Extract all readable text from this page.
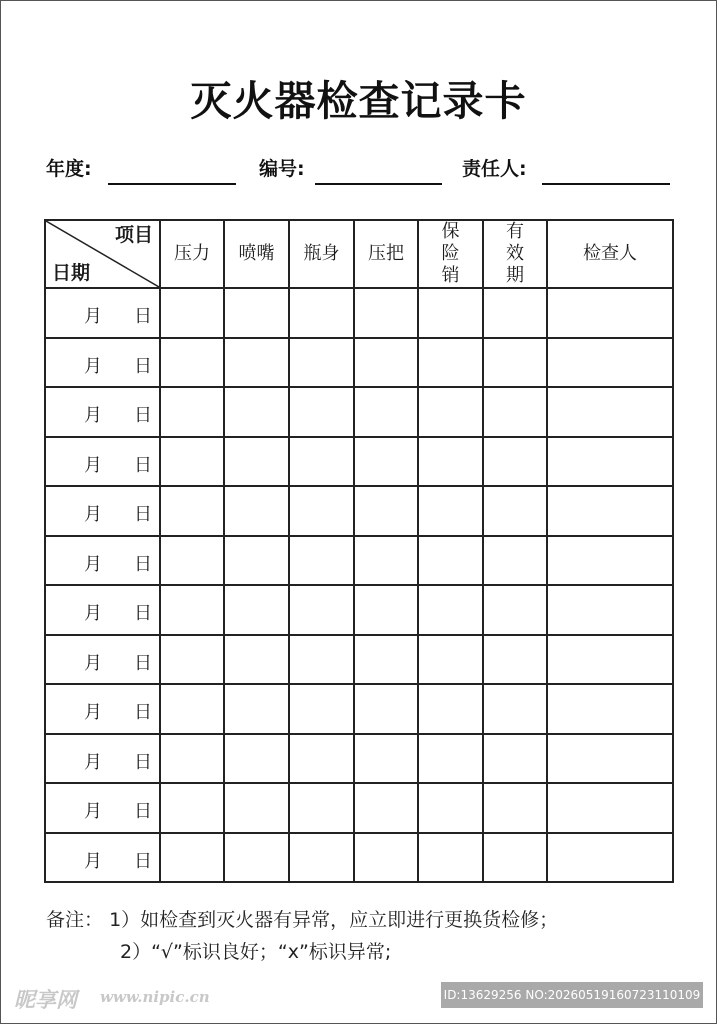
灭火器检查记录卡
年度:	编号:	责任人:
项目
日期	压力	喷嘴	瓶身	压把	保险销	有效期	检查人

月 日							

月 日							

月 日							

月 日							

月 日							

月 日							

月 日							

月 日							

月 日							

月 日							

月 日							

月 日							

备注： 1）如检查到灭火器有异常，应立即进行更换货检修；
2）“√”标识良好；“x”标识异常;
昵享网 www.nipic.cn	ID:13629256 NO:20260519160723110109
